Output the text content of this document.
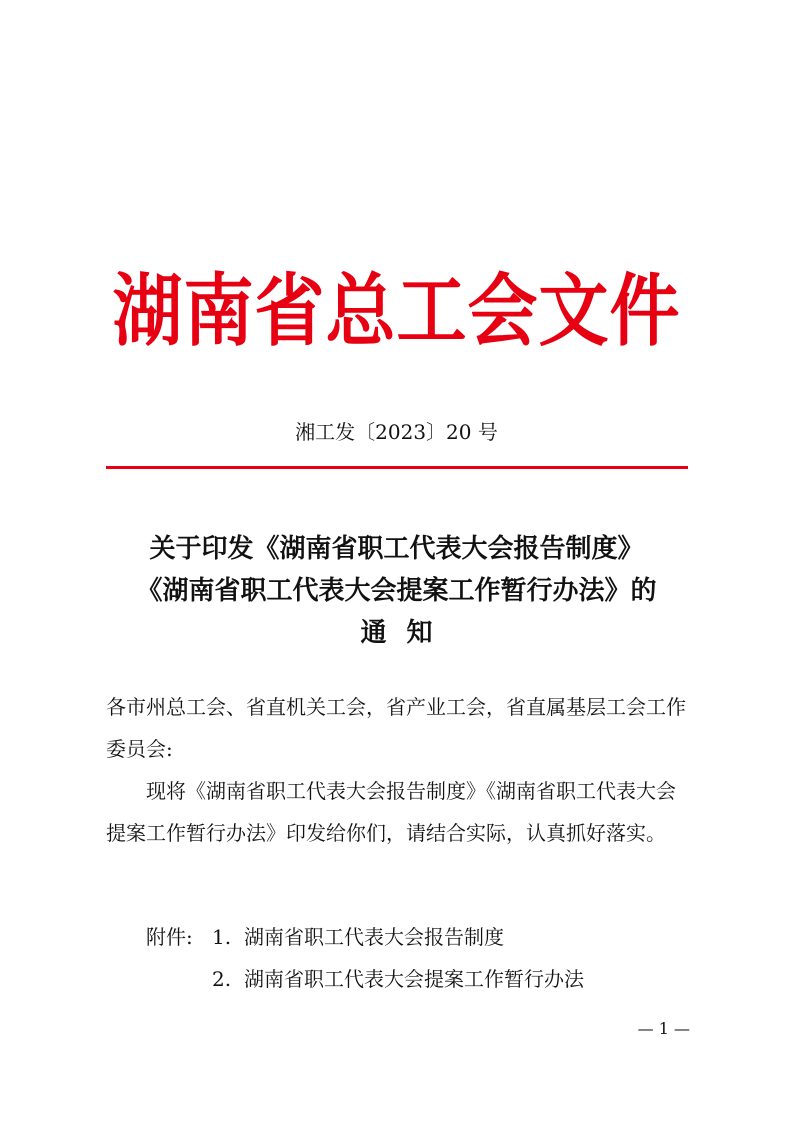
湖南省总工会文件
湘工发〔2023〕20 号
关于印发《湖南省职工代表大会报告制度》
《湖南省职工代表大会提案工作暂行办法》的
通知

各市州总工会、省直机关工会，省产业工会，省直属基层工会工作委员会:

现将《湖南省职工代表大会报告制度》《湖南省职工代表大会提案工作暂行办法》印发给你们，请结合实际，认真抓好落实。

附件: 1. 湖南省职工代表大会报告制度
2. 湖南省职工代表大会提案工作暂行办法
— 1 —
